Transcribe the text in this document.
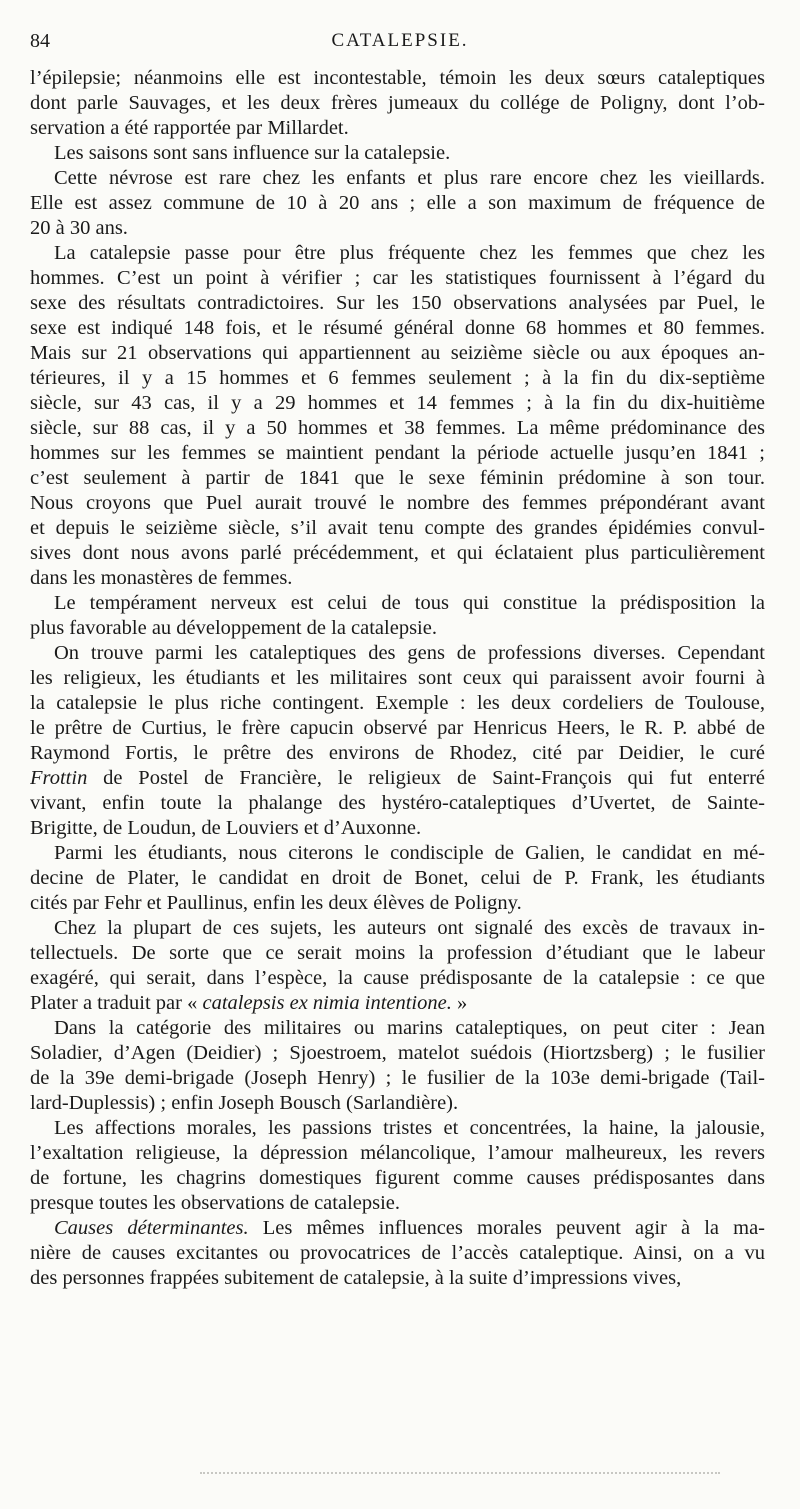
84	CATALEPSIE.
l’épilepsie; néanmoins elle est incontestable, témoin les deux sœurs cataleptiques
dont parle Sauvages, et les deux frères jumeaux du collége de Poligny, dont l’ob-
servation a été rapportée par Millardet.
Les saisons sont sans influence sur la catalepsie.
Cette névrose est rare chez les enfants et plus rare encore chez les vieillards.
Elle est assez commune de 10 à 20 ans ; elle a son maximum de fréquence de
20 à 30 ans.
La catalepsie passe pour être plus fréquente chez les femmes que chez les
hommes. C’est un point à vérifier ; car les statistiques fournissent à l’égard du
sexe des résultats contradictoires. Sur les 150 observations analysées par Puel, le
sexe est indiqué 148 fois, et le résumé général donne 68 hommes et 80 femmes.
Mais sur 21 observations qui appartiennent au seizième siècle ou aux époques an-
térieures, il y a 15 hommes et 6 femmes seulement ; à la fin du dix-septième
siècle, sur 43 cas, il y a 29 hommes et 14 femmes ; à la fin du dix-huitième
siècle, sur 88 cas, il y a 50 hommes et 38 femmes. La même prédominance des
hommes sur les femmes se maintient pendant la période actuelle jusqu’en 1841 ;
c’est seulement à partir de 1841 que le sexe féminin prédomine à son tour.
Nous croyons que Puel aurait trouvé le nombre des femmes prépondérant avant
et depuis le seizième siècle, s’il avait tenu compte des grandes épidémies convul-
sives dont nous avons parlé précédemment, et qui éclataient plus particulièrement
dans les monastères de femmes.
Le tempérament nerveux est celui de tous qui constitue la prédisposition la
plus favorable au développement de la catalepsie.
On trouve parmi les cataleptiques des gens de professions diverses. Cependant
les religieux, les étudiants et les militaires sont ceux qui paraissent avoir fourni à
la catalepsie le plus riche contingent. Exemple : les deux cordeliers de Toulouse,
le prêtre de Curtius, le frère capucin observé par Henricus Heers, le R. P. abbé de
Raymond Fortis, le prêtre des environs de Rhodez, cité par Deidier, le curé
Frottin de Postel de Francière, le religieux de Saint-François qui fut enterré
vivant, enfin toute la phalange des hystéro-cataleptiques d’Uvertet, de Sainte-
Brigitte, de Loudun, de Louviers et d’Auxonne.
Parmi les étudiants, nous citerons le condisciple de Galien, le candidat en mé-
decine de Plater, le candidat en droit de Bonet, celui de P. Frank, les étudiants
cités par Fehr et Paullinus, enfin les deux élèves de Poligny.
Chez la plupart de ces sujets, les auteurs ont signalé des excès de travaux in-
tellectuels. De sorte que ce serait moins la profession d’étudiant que le labeur
exagéré, qui serait, dans l’espèce, la cause prédisposante de la catalepsie : ce que
Plater a traduit par « catalepsis ex nimia intentione. »
Dans la catégorie des militaires ou marins cataleptiques, on peut citer : Jean
Soladier, d’Agen (Deidier) ; Sjoestroem, matelot suédois (Hiortzsberg) ; le fusilier
de la 39e demi-brigade (Joseph Henry) ; le fusilier de la 103e demi-brigade (Tail-
lard-Duplessis) ; enfin Joseph Bousch (Sarlandière).
Les affections morales, les passions tristes et concentrées, la haine, la jalousie,
l’exaltation religieuse, la dépression mélancolique, l’amour malheureux, les revers
de fortune, les chagrins domestiques figurent comme causes prédisposantes dans
presque toutes les observations de catalepsie.
Causes déterminantes. Les mêmes influences morales peuvent agir à la ma-
nière de causes excitantes ou provocatrices de l’accès cataleptique. Ainsi, on a vu
des personnes frappées subitement de catalepsie, à la suite d’impressions vives,
